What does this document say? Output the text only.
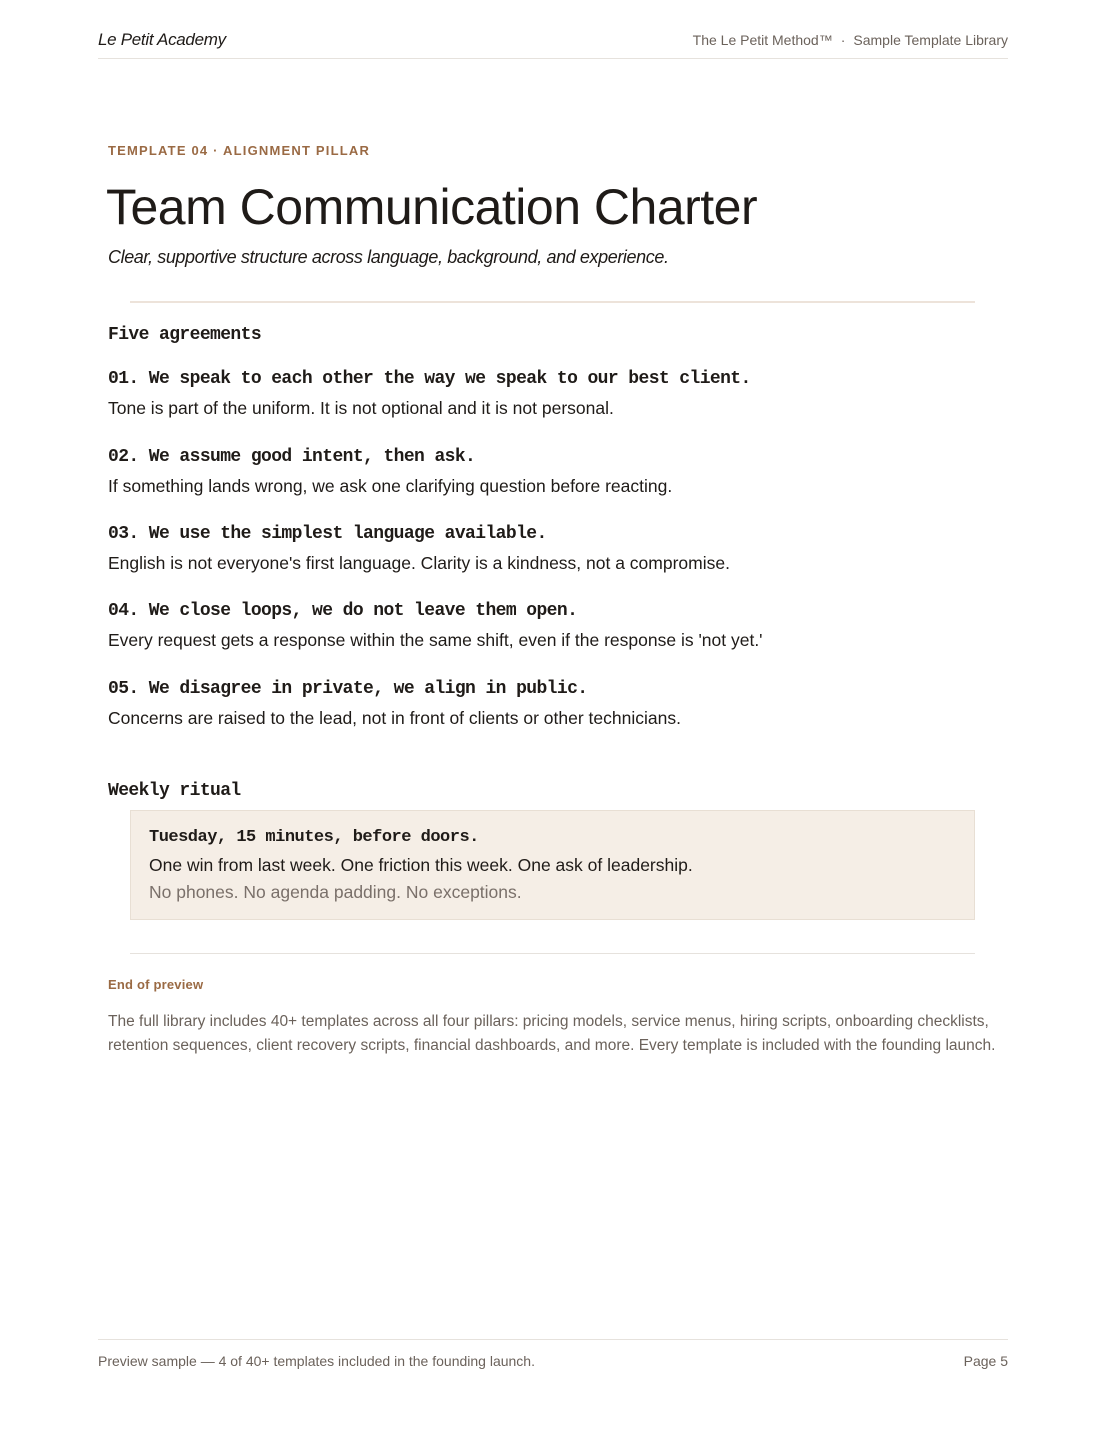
Le Petit Academy	The Le Petit Method™ · Sample Template Library
TEMPLATE 04 · ALIGNMENT PILLAR
Team Communication Charter

Clear, supportive structure across language, background, and experience.

Five agreements
01. We speak to each other the way we speak to our best client.
Tone is part of the uniform. It is not optional and it is not personal.
02. We assume good intent, then ask.
If something lands wrong, we ask one clarifying question before reacting.
03. We use the simplest language available.
English is not everyone's first language. Clarity is a kindness, not a compromise.
04. We close loops, we do not leave them open.
Every request gets a response within the same shift, even if the response is 'not yet.'
05. We disagree in private, we align in public.
Concerns are raised to the lead, not in front of clients or other technicians.
Weekly ritual
Tuesday, 15 minutes, before doors.
One win from last week. One friction this week. One ask of leadership.
No phones. No agenda padding. No exceptions.
End of preview

The full library includes 40+ templates across all four pillars: pricing models, service menus, hiring scripts, onboarding checklists, retention sequences, client recovery scripts, financial dashboards, and more. Every template is included with the founding launch.

Preview sample — 4 of 40+ templates included in the founding launch.	Page 5
